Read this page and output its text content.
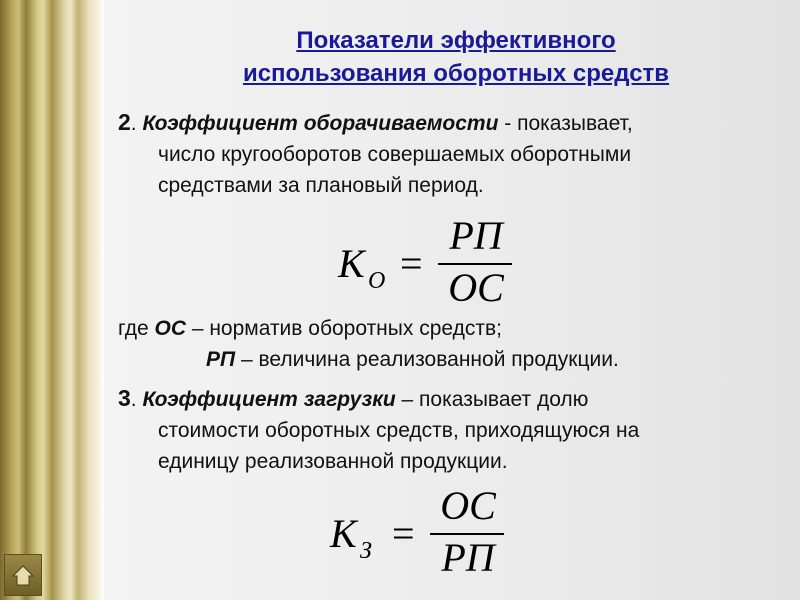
Показатели эффективного
использования оборотных средств
2. Коэффициент оборачиваемости - показывает,
число кругооборотов совершаемых оборотными
средствами за плановый период.
К О =
РП
ОС
где ОС – норматив оборотных средств;
РП – величина реализованной продукции.
3. Коэффициент загрузки – показывает долю
стоимости оборотных средств, приходящуюся на
единицу реализованной продукции.
К З =
ОС
РП
